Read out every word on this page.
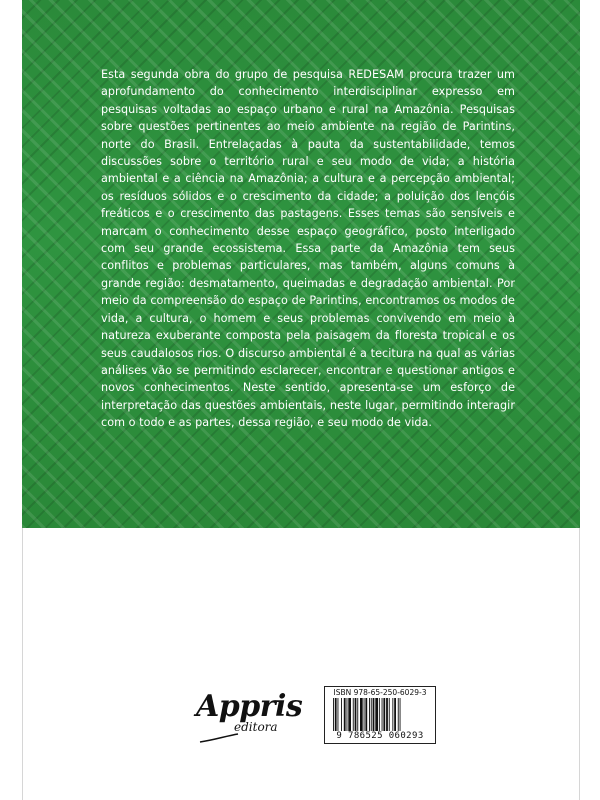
Esta segunda obra do grupo de pesquisa REDESAM procura trazer um aprofundamento do conhecimento interdisciplinar expresso em pesquisas voltadas ao espaço urbano e rural na Amazônia. Pesquisas sobre questões pertinentes ao meio ambiente na região de Parintins, norte do Brasil. Entrelaçadas à pauta da sustentabilidade, temos discussões sobre o território rural e seu modo de vida; a história ambiental e a ciência na Amazônia; a cultura e a percepção ambiental; os resíduos sólidos e o crescimento da cidade; a poluição dos lençóis freáticos e o crescimento das pastagens. Esses temas são sensíveis e marcam o conhecimento desse espaço geográfico, posto interligado com seu grande ecossistema. Essa parte da Amazônia tem seus conflitos e problemas particulares, mas também, alguns comuns à grande região: desmatamento, queimadas e degradação ambiental. Por meio da compreensão do espaço de Parintins, encontramos os modos de vida, a cultura, o homem e seus problemas convivendo em meio à natureza exuberante composta pela paisagem da floresta tropical e os seus caudalosos rios. O discurso ambiental é a tecitura na qual as várias análises vão se permitindo esclarecer, encontrar e questionar antigos e novos conhecimentos. Neste sentido, apresenta-se um esforço de interpretação das questões ambientais, neste lugar, permitindo interagir com o todo e as partes, dessa região, e seu modo de vida.

Appris
editora
ISBN 978-65-250-6029-3
9 786525 060293
